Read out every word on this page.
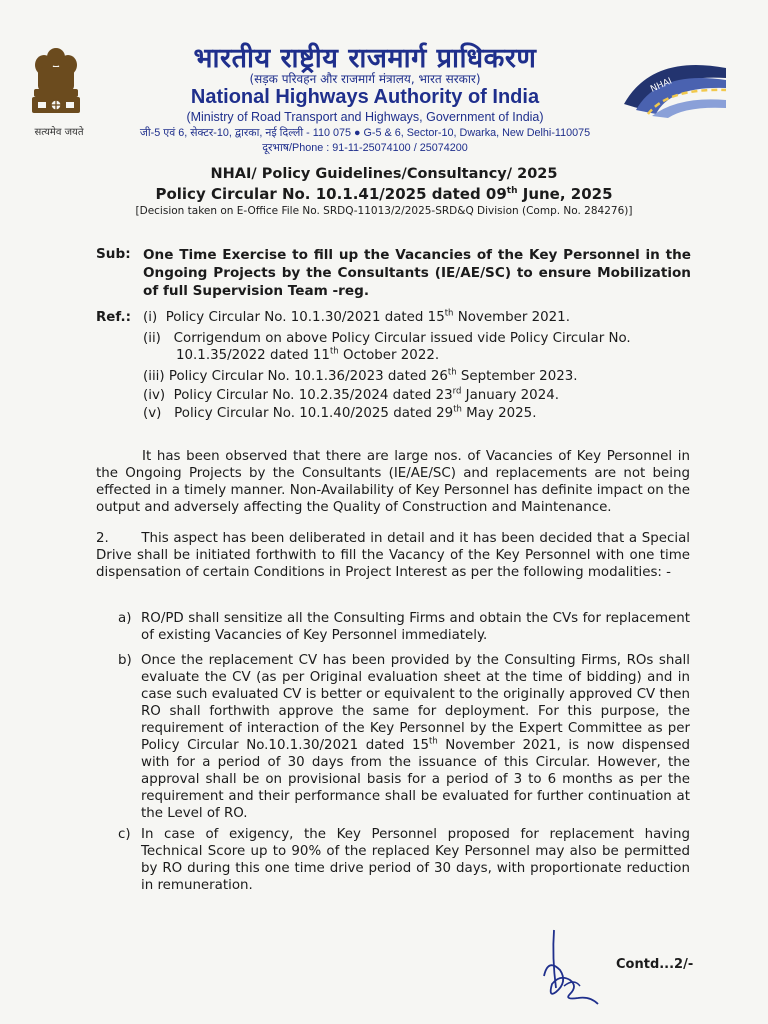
सत्यमेव जयते
भारतीय राष्ट्रीय राजमार्ग प्राधिकरण
(सड़क परिवहन और राजमार्ग मंत्रालय, भारत सरकार)
National Highways Authority of India
(Ministry of Road Transport and Highways, Government of India)
जी-5 एवं 6, सेक्टर-10, द्वारका, नई दिल्ली - 110 075 ● G-5 & 6, Sector-10, Dwarka, New Delhi-110075
दूरभाष/Phone : 91-11-25074100 / 25074200
NHAI
NHAI/ Policy Guidelines/Consultancy/ 2025
Policy Circular No. 10.1.41/2025 dated 09th June, 2025
[Decision taken on E-Office File No. SRDQ-11013/2/2025-SRD&Q Division (Comp. No. 284276)]
Sub: One Time Exercise to fill up the Vacancies of the Key Personnel in the Ongoing Projects by the Consultants (IE/AE/SC) to ensure Mobilization of full Supervision Team -reg.
Ref.: (i) Policy Circular No. 10.1.30/2021 dated 15th November 2021.
(ii) Corrigendum on above Policy Circular issued vide Policy Circular No.
10.1.35/2022 dated 11th October 2022.
(iii) Policy Circular No. 10.1.36/2023 dated 26th September 2023.
(iv) Policy Circular No. 10.2.35/2024 dated 23rd January 2024.
(v) Policy Circular No. 10.1.40/2025 dated 29th May 2025.
It has been observed that there are large nos. of Vacancies of Key Personnel in the Ongoing Projects by the Consultants (IE/AE/SC) and replacements are not being effected in a timely manner. Non-Availability of Key Personnel has definite impact on the output and adversely affecting the Quality of Construction and Maintenance.
2. This aspect has been deliberated in detail and it has been decided that a Special Drive shall be initiated forthwith to fill the Vacancy of the Key Personnel with one time dispensation of certain Conditions in Project Interest as per the following modalities: -
a) RO/PD shall sensitize all the Consulting Firms and obtain the CVs for replacement of existing Vacancies of Key Personnel immediately.
b) Once the replacement CV has been provided by the Consulting Firms, ROs shall evaluate the CV (as per Original evaluation sheet at the time of bidding) and in case such evaluated CV is better or equivalent to the originally approved CV then RO shall forthwith approve the same for deployment. For this purpose, the requirement of interaction of the Key Personnel by the Expert Committee as per Policy Circular No.10.1.30/2021 dated 15th November 2021, is now dispensed with for a period of 30 days from the issuance of this Circular. However, the approval shall be on provisional basis for a period of 3 to 6 months as per the requirement and their performance shall be evaluated for further continuation at the Level of RO.
c) In case of exigency, the Key Personnel proposed for replacement having Technical Score up to 90% of the replaced Key Personnel may also be permitted by RO during this one time drive period of 30 days, with proportionate reduction in remuneration.
Contd...2/-
